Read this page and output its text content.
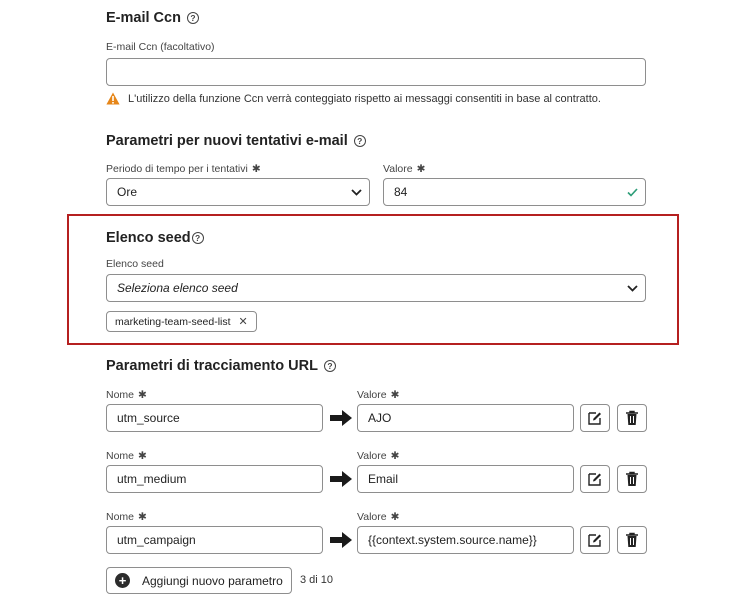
E-mail Ccn	?
E-mail Ccn (facoltativo)
L'utilizzo della funzione Ccn verrà conteggiato rispetto ai messaggi consentiti in base al contratto.
Parametri per nuovi tentativi e-mail	?
Periodo di tempo per i tentativi ✱
Ore
Valore ✱
84
Elenco seed ?
Elenco seed
Seleziona elenco seed
marketing-team-seed-list ✕
Parametri di tracciamento URL	?
Nome ✱	Valore ✱
utm_source	AJO
Nome ✱	Valore ✱
utm_medium	Email
Nome ✱	Valore ✱
utm_campaign	{{context.system.source.name}}
+	Aggiungi nuovo parametro 3 di 10
